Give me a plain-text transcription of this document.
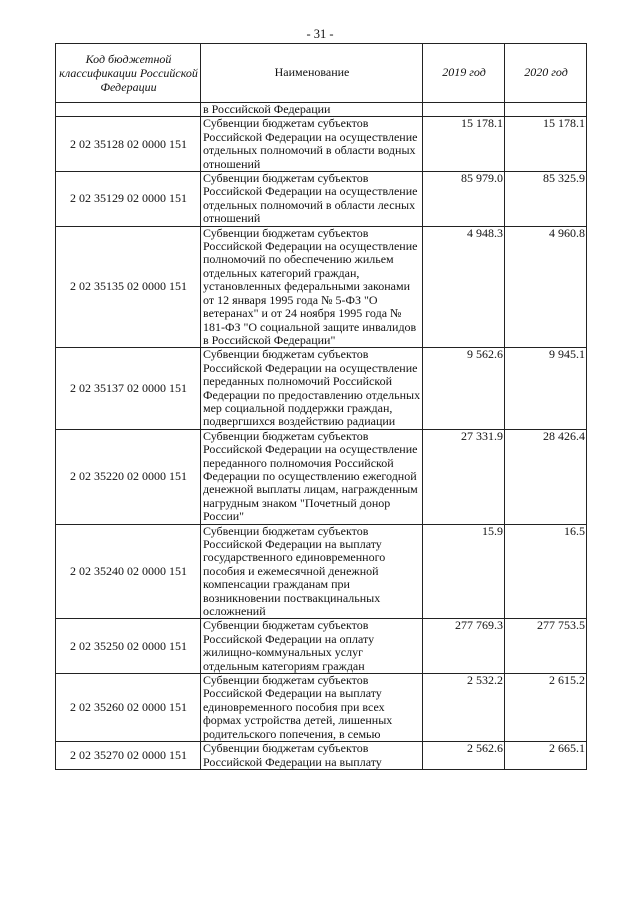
- 31 -
Код бюджетной классификации Российской Федерации	Наименование	2019 год	2020 год
	в Российской Федерации		
2 02 35128 02 0000 151	Субвенции бюджетам субъектов Российской Федерации на осуществление отдельных полномочий в области водных отношений	15 178.1	15 178.1
2 02 35129 02 0000 151	Субвенции бюджетам субъектов Российской Федерации на осуществление отдельных полномочий в области лесных отношений	85 979.0	85 325.9
2 02 35135 02 0000 151	Субвенции бюджетам субъектов Российской Федерации на осуществление полномочий по обеспечению жильем отдельных категорий граждан, установленных федеральными законами от 12 января 1995 года № 5-ФЗ "О ветеранах" и от 24 ноября 1995 года № 181-ФЗ "О социальной защите инвалидов в Российской Федерации"	4 948.3	4 960.8
2 02 35137 02 0000 151	Субвенции бюджетам субъектов Российской Федерации на осуществление переданных полномочий Российской Федерации по предоставлению отдельных мер социальной поддержки граждан, подвергшихся воздействию радиации	9 562.6	9 945.1
2 02 35220 02 0000 151	Субвенции бюджетам субъектов Российской Федерации на осуществление переданного полномочия Российской Федерации по осуществлению ежегодной денежной выплаты лицам, награжденным нагрудным знаком "Почетный донор России"	27 331.9	28 426.4
2 02 35240 02 0000 151	Субвенции бюджетам субъектов Российской Федерации на выплату государственного единовременного пособия и ежемесячной денежной компенсации гражданам при возникновении поствакцинальных осложнений	15.9	16.5
2 02 35250 02 0000 151	Субвенции бюджетам субъектов Российской Федерации на оплату жилищно-коммунальных услуг отдельным категориям граждан	277 769.3	277 753.5
2 02 35260 02 0000 151	Субвенции бюджетам субъектов Российской Федерации на выплату единовременного пособия при всех формах устройства детей, лишенных родительского попечения, в семью	2 532.2	2 615.2
2 02 35270 02 0000 151	Субвенции бюджетам субъектов Российской Федерации на выплату	2 562.6	2 665.1
